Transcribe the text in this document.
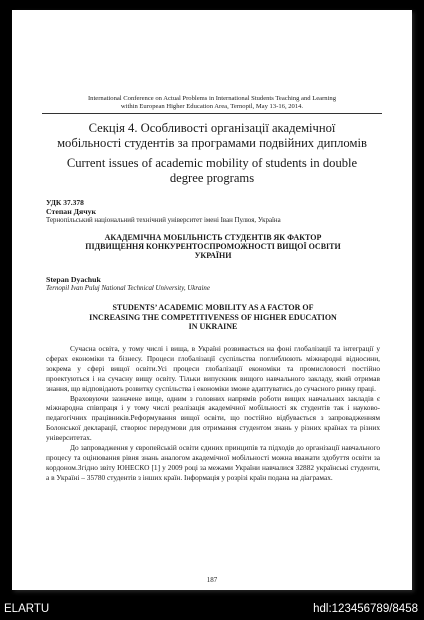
International Conference on Actual Problems in International Students Teaching and Learning
within European Higher Education Area, Ternopil, May 13-16, 2014.
Секція 4. Особливості організації академічної
мобільності студентів за програмами подвійних дипломів
Current issues of academic mobility of students in double
degree programs
УДК 37.378
Степан Дячук
Тернопільський національний технічний університет імені Іван Пулюя, Україна
АКАДЕМІЧНА МОБІЛЬНІСТЬ СТУДЕНТІВ ЯК ФАКТОР
ПІДВИЩЕННЯ КОНКУРЕНТОСПРОМОЖНОСТІ ВИЩОЇ ОСВІТИ
УКРАЇНИ
Stepan Dyachuk
Ternopil Ivan Puluj National Technical University, Ukraine
STUDENTS’ ACADEMIC MOBILITY AS A FACTOR OF
INCREASING THE COMPETITIVENESS OF HIGHER EDUCATION
IN UKRAINE

Сучасна освіта, у тому числі і вища, в Україні розвивається на фоні глобалізації та інтеграції у сферах економіки та бізнесу. Процеси глобалізації суспільства поглиблюють міжнародні відносини, зокрема у сфері вищої освіти.Усі процеси глобалізації економіки та промисловості постійно проектуються і на сучасну вищу освіту. Тільки випускник вищого навчального закладу, який отримав знання, що відповідають розвитку суспільства і економіки зможе адаптуватись до сучасного ринку праці.

Враховуючи зазначене вище, одним з головних напрямів роботи вищих навчальних закладів є міжнародна співпраця і у тому числі реалізація академічної мобільності як студентів так і науково-педагогічних працівників.Реформування вищої освіти, що постійно відбувається з запровадженням Болонської декларації, створює передумови для отримання студентом знань у різних країнах та різних університетах.

До запровадження у європейській освіти єдиних принципів та підходів до організації навчального процесу та оцінювання рівня знань аналогом академічної мобільності можна вважати здобуття освіти за кордоном.Згідно звіту ЮНЕСКО [1] у 2009 році за межами України навчалися 32882 українські студенти, а в Україні – 35780 студентів з інших країн. Інформація у розрізі країн подана на діаграмах.

187
ELARTU	hdl:123456789/8458
